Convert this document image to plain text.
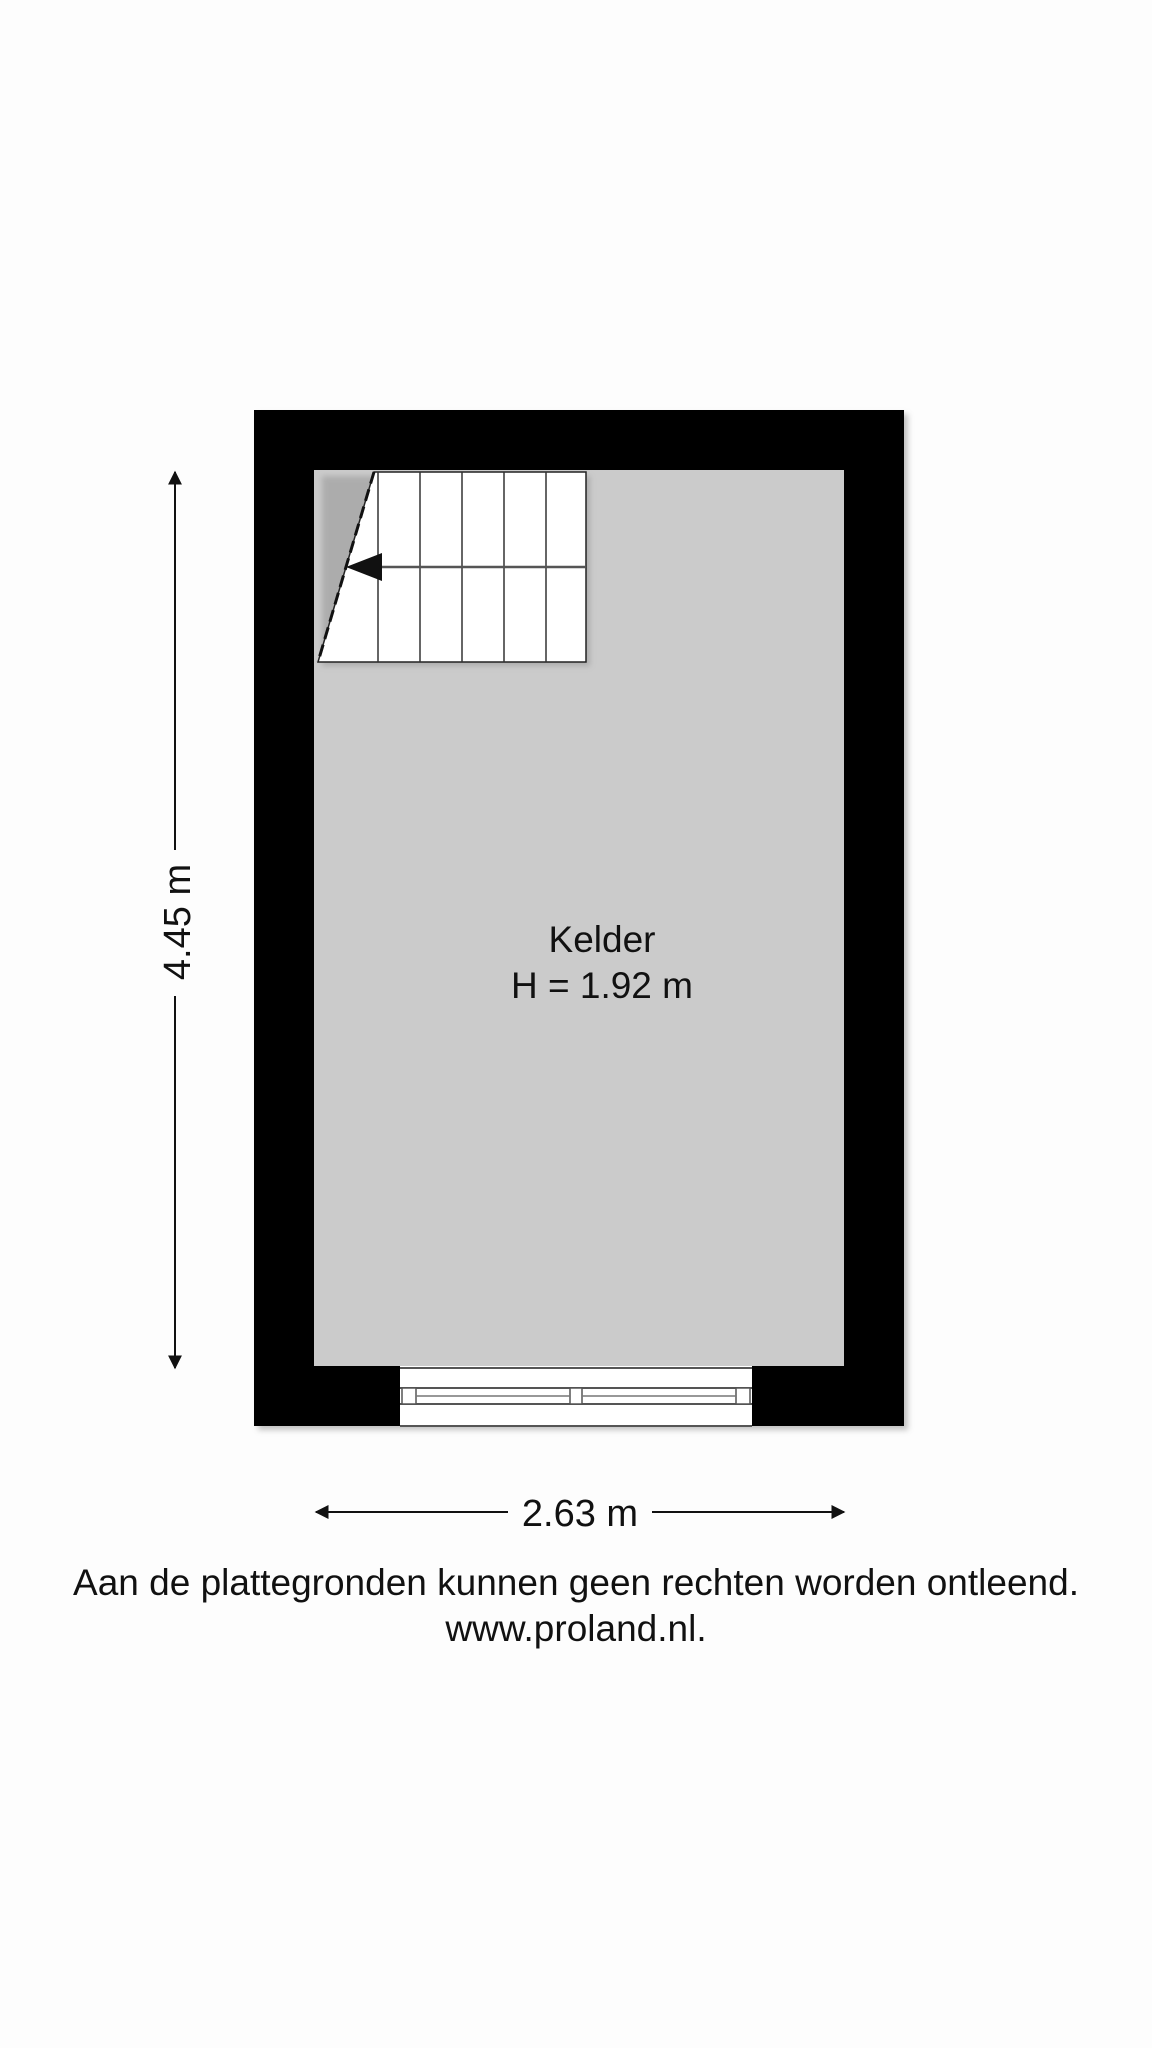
4.45 m
2.63 m
Kelder
H = 1.92 m
Aan de plattegronden kunnen geen rechten worden ontleend.
www.proland.nl.
